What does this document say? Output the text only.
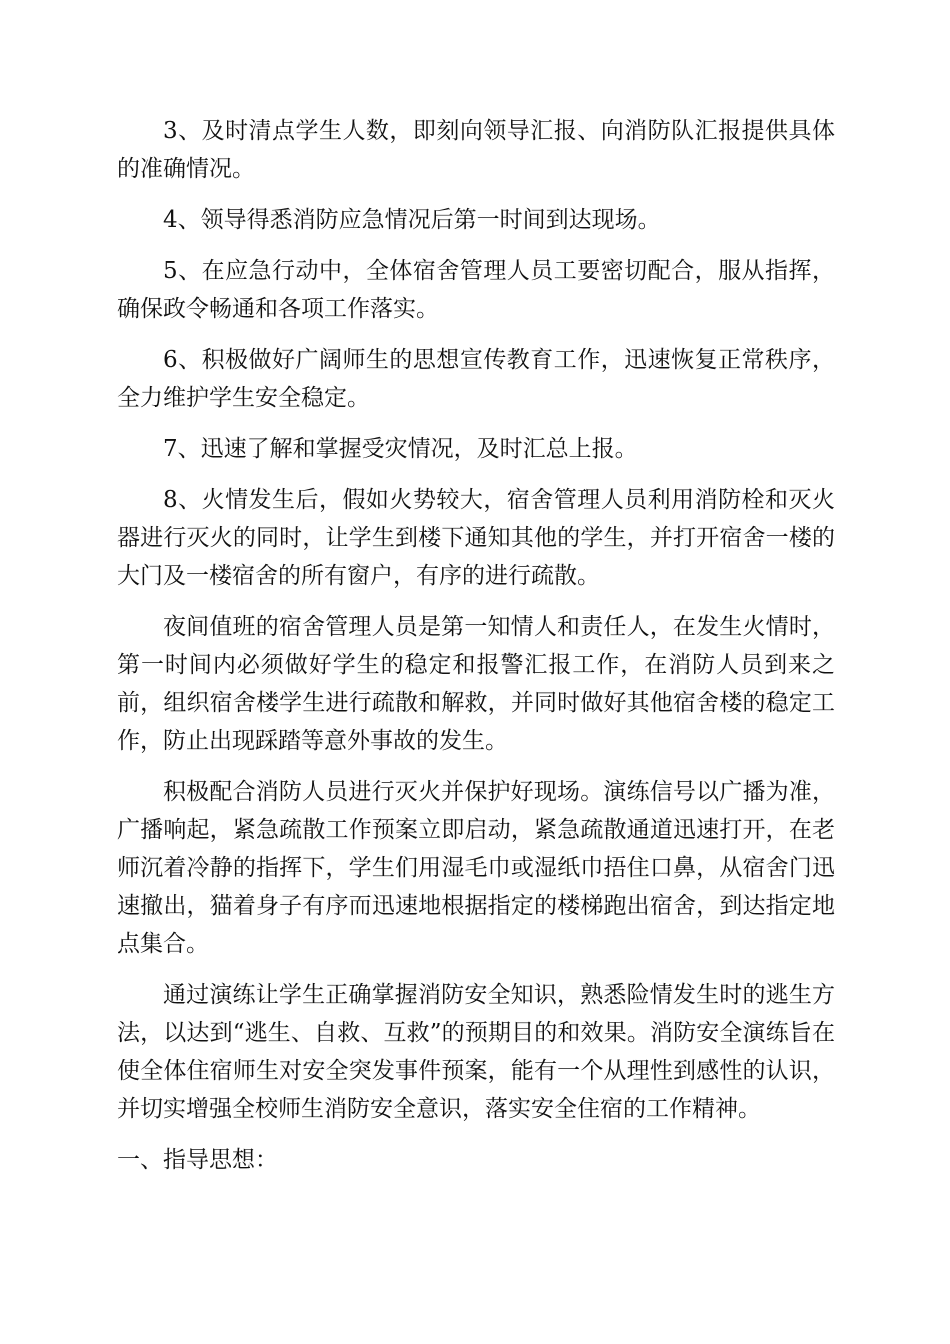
3、及时清点学生人数，即刻向领导汇报、向消防队汇报提供具体的准确情况。

4、领导得悉消防应急情况后第一时间到达现场。

5、在应急行动中，全体宿舍管理人员工要密切配合，服从指挥，确保政令畅通和各项工作落实。

6、积极做好广阔师生的思想宣传教育工作，迅速恢复正常秩序，全力维护学生安全稳定。

7、迅速了解和掌握受灾情况，及时汇总上报。

8、火情发生后，假如火势较大，宿舍管理人员利用消防栓和灭火器进行灭火的同时，让学生到楼下通知其他的学生，并打开宿舍一楼的大门及一楼宿舍的所有窗户，有序的进行疏散。

夜间值班的宿舍管理人员是第一知情人和责任人，在发生火情时，第一时间内必须做好学生的稳定和报警汇报工作，在消防人员到来之前，组织宿舍楼学生进行疏散和解救，并同时做好其他宿舍楼的稳定工作，防止出现踩踏等意外事故的发生。

积极配合消防人员进行灭火并保护好现场。演练信号以广播为准，广播响起，紧急疏散工作预案立即启动，紧急疏散通道迅速打开，在老师沉着冷静的指挥下，学生们用湿毛巾或湿纸巾捂住口鼻，从宿舍门迅速撤出，猫着身子有序而迅速地根据指定的楼梯跑出宿舍，到达指定地点集合。

通过演练让学生正确掌握消防安全知识，熟悉险情发生时的逃生方法，以达到“逃生、自救、互救”的预期目的和效果。消防安全演练旨在使全体住宿师生对安全突发事件预案，能有一个从理性到感性的认识，并切实增强全校师生消防安全意识，落实安全住宿的工作精神。

一、指导思想：
